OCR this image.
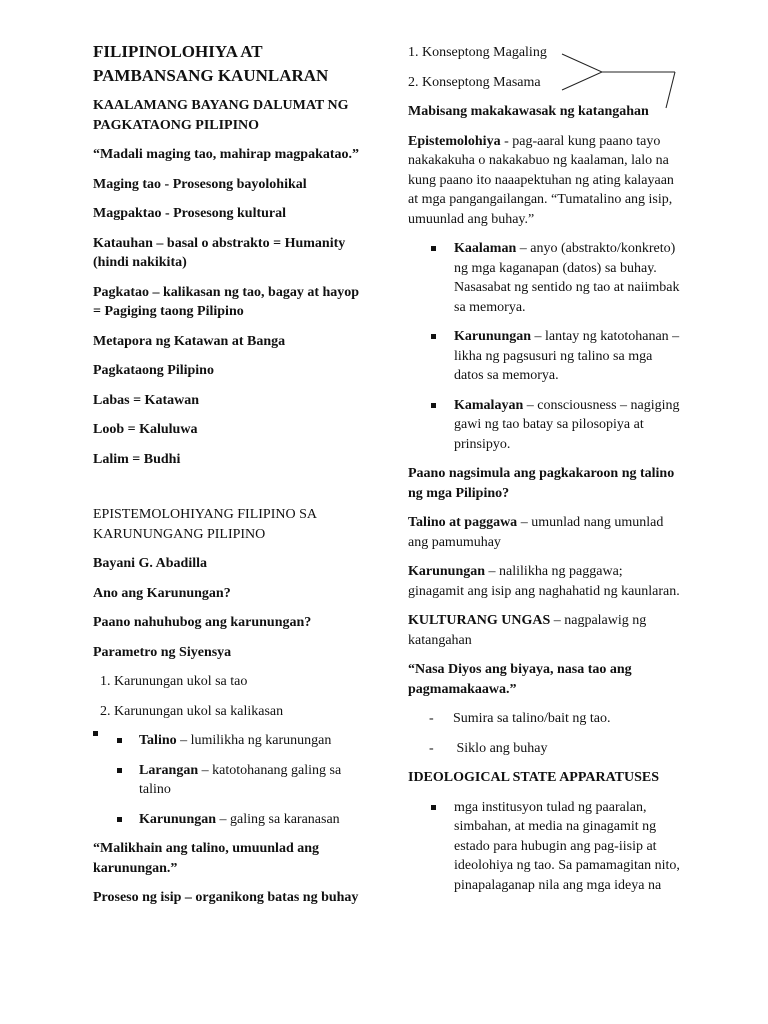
FILIPINOLOHIYA AT PAMBANSANG KAUNLARAN

KAALAMANG BAYANG DALUMAT NG PAGKATAONG PILIPINO

“Madali maging tao, mahirap magpakatao.”

Maging tao - Prosesong bayolohikal

Magpaktao - Prosesong kultural

Katauhan – basal o abstrakto = Humanity (hindi nakikita)

Pagkatao – kalikasan ng tao, bagay at hayop = Pagiging taong Pilipino

Metapora ng Katawan at Banga

Pagkataong Pilipino

Labas = Katawan

Loob = Kaluluwa

Lalim = Budhi

EPISTEMOLOHIYANG FILIPINO SA KARUNUNGANG PILIPINO

Bayani G. Abadilla

Ano ang Karunungan?

Paano nahuhubog ang karunungan?

Parametro ng Siyensya

1. Karunungan ukol sa tao

2. Karunungan ukol sa kalikasan

Talino – lumilikha ng karunungan
Larangan – katotohanang galing sa talino
Karunungan – galing sa karanasan

“Malikhain ang talino, umuunlad ang karunungan.”

Proseso ng isip – organikong batas ng buhay

1. Konseptong Magaling

2. Konseptong Masama

Mabisang makakawasak ng katangahan

Epistemolohiya - pag-aaral kung paano tayo nakakakuha o nakakabuo ng kaalaman, lalo na kung paano ito naaapektuhan ng ating kalayaan at mga pangangailangan. “Tumatalino ang isip, umuunlad ang buhay.”

Kaalaman – anyo (abstrakto/konkreto) ng mga kaganapan (datos) sa buhay. Nasasabat ng sentido ng tao at naiimbak sa memorya.
Karunungan – lantay ng katotohanan – likha ng pagsusuri ng talino sa mga datos sa memorya.
Kamalayan – consciousness – nagiging gawi ng tao batay sa pilosopiya at prinsipyo.

Paano nagsimula ang pagkakaroon ng talino ng mga Pilipino?

Talino at paggawa – umunlad nang umunlad ang pamumuhay

Karunungan – nalilikha ng paggawa; ginagamit ang isip ang naghahatid ng kaunlaran.

KULTURANG UNGAS – nagpalawig ng katangahan

“Nasa Diyos ang biyaya, nasa tao ang pagmamakaawa.”

- Sumira sa talino/bait ng tao.
- Siklo ang buhay

IDEOLOGICAL STATE APPARATUSES

mga institusyon tulad ng paaralan, simbahan, at media na ginagamit ng estado para hubugin ang pag-iisip at ideolohiya ng tao. Sa pamamagitan nito, pinapalaganap nila ang mga ideya na
